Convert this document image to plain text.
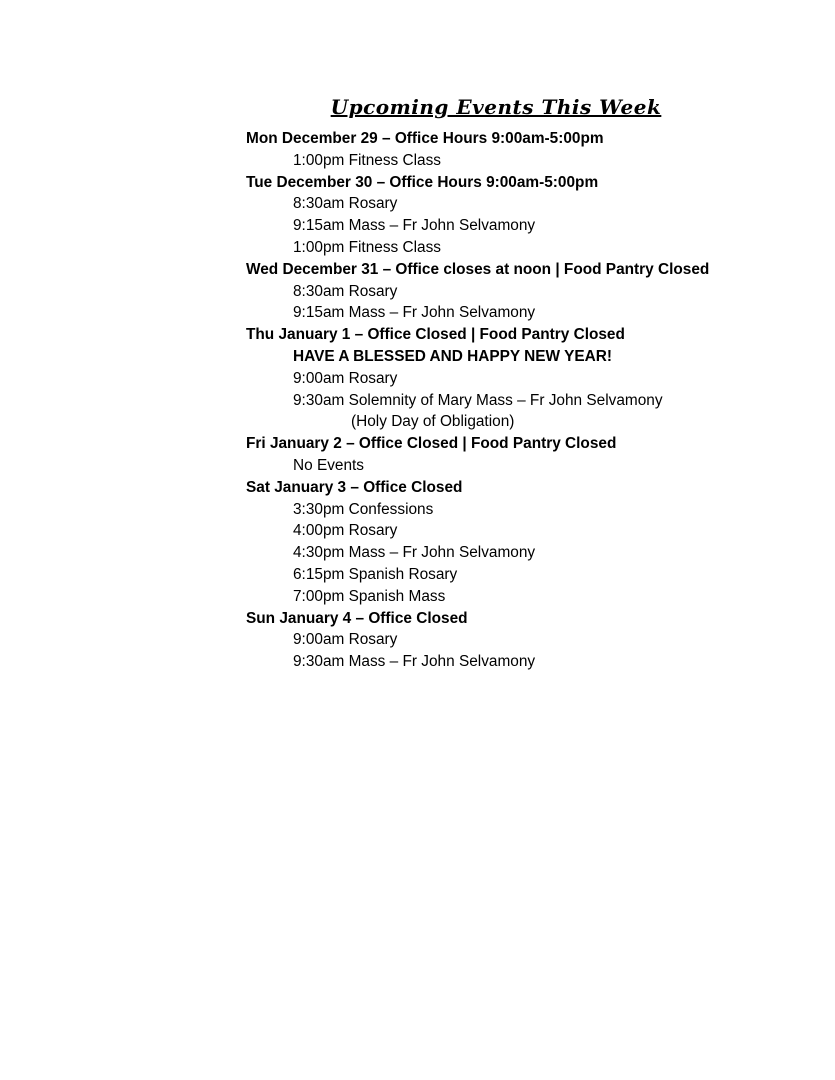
Upcoming Events This Week
Mon December 29 – Office Hours 9:00am-5:00pm
1:00pm Fitness Class
Tue December 30 – Office Hours 9:00am-5:00pm
8:30am Rosary
9:15am Mass – Fr John Selvamony
1:00pm Fitness Class
Wed December 31 – Office closes at noon | Food Pantry Closed
8:30am Rosary
9:15am Mass – Fr John Selvamony
Thu January 1 – Office Closed | Food Pantry Closed
HAVE A BLESSED AND HAPPY NEW YEAR!
9:00am Rosary
9:30am Solemnity of Mary Mass – Fr John Selvamony
(Holy Day of Obligation)
Fri January 2 – Office Closed | Food Pantry Closed
No Events
Sat January 3 – Office Closed
3:30pm Confessions
4:00pm Rosary
4:30pm Mass – Fr John Selvamony
6:15pm Spanish Rosary
7:00pm Spanish Mass
Sun January 4 – Office Closed
9:00am Rosary
9:30am Mass – Fr John Selvamony
